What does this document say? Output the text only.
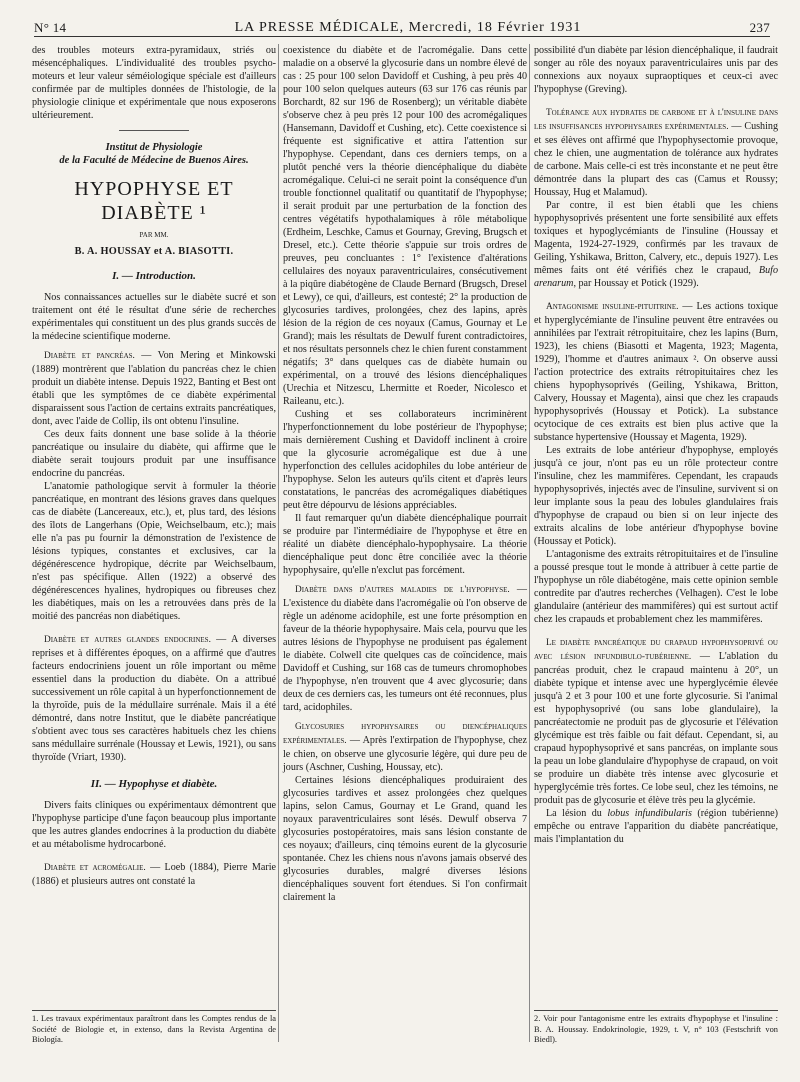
N° 14	LA PRESSE MÉDICALE, Mercredi, 18 Février 1931	237

des troubles moteurs extra-pyramidaux, striés ou mésencéphaliques. L'individualité des troubles psycho-moteurs et leur valeur séméiologique spéciale est d'ailleurs confirmée par de multiples données de l'histologie, de la physiologie clinique et expérimentale que nous exposerons ultérieurement.

Institut de Physiologie
de la Faculté de Médecine de Buenos Aires.
HYPOPHYSE ET DIABÈTE ¹
PAR MM.
B. A. HOUSSAY et A. BIASOTTI.
I. — Introduction.

Nos connaissances actuelles sur le diabète sucré et son traitement ont été le résultat d'une série de recherches expérimentales qui constituent un des plus grands succès de la médecine scientifique moderne.

Diabète et pancréas. — Von Mering et Minkowski (1889) montrèrent que l'ablation du pancréas chez le chien produit un diabète intense. Depuis 1922, Banting et Best ont établi que les symptômes de ce diabète expérimental disparaissent sous l'action de certains extraits pancréatiques, dont, avec l'aide de Collip, ils ont obtenu l'insuline.

Ces deux faits donnent une base solide à la théorie pancréatique ou insulaire du diabète, qui affirme que le diabète serait toujours produit par une insuffisance endocrine du pancréas.

L'anatomie pathologique servit à formuler la théorie pancréatique, en montrant des lésions graves dans quelques cas de diabète (Lancereaux, etc.), et, plus tard, des lésions des îlots de Langerhans (Opie, Weichselbaum, etc.); mais elle n'a pas pu fournir la démonstration de l'existence de lésions typiques, constantes et exclusives, car la dégénérescence hydropique, décrite par Weichselbaum, n'est pas spécifique. Allen (1922) a observé des dégénérescences hyalines, hydropiques ou fibreuses chez les diabétiques, mais on les a retrouvées dans près de la moitié des pancréas non diabétiques.

Diabète et autres glandes endocrines. — A diverses reprises et à différentes époques, on a affirmé que d'autres facteurs endocriniens jouent un rôle important ou même essentiel dans la production du diabète. On a attribué successivement un rôle capital à un hyperfonctionnement de la thyroïde, puis de la médullaire surrénale. Mais il a été démontré, dans notre Institut, que le diabète pancréatique s'obtient avec tous ses caractères habituels chez les chiens sans médullaire surrénale (Houssay et Lewis, 1921), ou sans thyroïde (Vriart, 1930).

II. — Hypophyse et diabète.

Divers faits cliniques ou expérimentaux démontrent que l'hypophyse participe d'une façon beaucoup plus importante que les autres glandes endocrines à la production du diabète et au métabolisme hydrocarboné.

Diabète et acromégalie. — Loeb (1884), Pierre Marie (1886) et plusieurs autres ont constaté la

1. Les travaux expérimentaux paraîtront dans les Comptes rendus de la Société de Biologie et, in extenso, dans la Revista Argentina de Biología.

coexistence du diabète et de l'acromégalie. Dans cette maladie on a observé la glycosurie dans un nombre élevé de cas : 25 pour 100 selon Davidoff et Cushing, à peu près 40 pour 100 selon quelques auteurs (63 sur 176 cas réunis par Borchardt, 82 sur 196 de Rosenberg); un véritable diabète s'observe chez à peu près 12 pour 100 des acromégaliques (Hansemann, Davidoff et Cushing, etc). Cette coexistence si fréquente est significative et attira l'attention sur l'hypophyse. Cependant, dans ces derniers temps, on a plutôt penché vers la théorie diencéphalique du diabète acromégalique. Celui-ci ne serait point la conséquence d'un trouble fonctionnel qualitatif ou quantitatif de l'hypophyse; il serait produit par une perturbation de la fonction des centres végétatifs hypothalamiques à rôle métabolique (Erdheim, Leschke, Camus et Gournay, Greving, Brugsch et Dresel, etc.). Cette théorie s'appuie sur trois ordres de preuves, peu concluantes : 1° l'existence d'altérations cellulaires des noyaux paraventriculaires, consécutivement à la piqûre diabétogène de Claude Bernard (Brugsch, Dresel et Lewy), ce qui, d'ailleurs, est contesté; 2° la production de glycosuries tardives, prolongées, chez des lapins, après lésion de la région de ces noyaux (Camus, Gournay et Le Grand); mais les résultats de Dewulf furent contradictoires, et nos résultats personnels chez le chien furent constamment négatifs; 3° dans quelques cas de diabète humain ou expérimental, on a trouvé des lésions diencéphaliques (Urechia et Nitzescu, Lhermitte et Roeder, Nicolesco et Raileanu, etc.).

Cushing et ses collaborateurs incriminèrent l'hyperfonctionnement du lobe postérieur de l'hypophyse; mais dernièrement Cushing et Davidoff inclinent à croire que la glycosurie acromégalique est due à une hyperfonction des cellules acidophiles du lobe antérieur de l'hypophyse. Selon les auteurs qu'ils citent et d'après leurs constatations, le pancréas des acromégaliques diabétiques peut être dépourvu de lésions appréciables.

Il faut remarquer qu'un diabète diencéphalique pourrait se produire par l'intermédiaire de l'hypophyse et être en réalité un diabète diencéphalo-hypophysaire. La théorie diencéphalique peut donc être conciliée avec la théorie hypophysaire, qu'elle n'exclut pas forcément.

Diabète dans d'autres maladies de l'hypophyse. — L'existence du diabète dans l'acromégalie où l'on observe de règle un adénome acidophile, est une forte présomption en faveur de la théorie hypophysaire. Mais cela, pourvu que les autres lésions de l'hypophyse ne produisent pas également le diabète. Colwell cite quelques cas de coïncidence, mais Davidoff et Cushing, sur 168 cas de tumeurs chromophobes de l'hypophyse, n'en trouvent que 4 avec glycosurie; dans deux de ces derniers cas, les tumeurs ont été reconnues, plus tard, acidophiles.

Glycosuries hypophysaires ou diencéphaliques expérimentales. — Après l'extirpation de l'hypophyse, chez le chien, on observe une glycosurie légère, qui dure peu de jours (Aschner, Cushing, Houssay, etc).

Certaines lésions diencéphaliques produiraient des glycosuries tardives et assez prolongées chez quelques lapins, selon Camus, Gournay et Le Grand, quand les noyaux paraventriculaires sont lésés. Dewulf observa 7 glycosuries postopératoires, mais sans lésion constante de ces noyaux; d'ailleurs, cinq témoins eurent de la glycosurie spontanée. Chez les chiens nous n'avons jamais observé des glycosuries durables, malgré diverses lésions diencéphaliques souvent fort étendues. Si l'on confirmait clairement la

possibilité d'un diabète par lésion diencéphalique, il faudrait songer au rôle des noyaux paraventriculaires unis par des connexions aux noyaux supraoptiques et ceux-ci avec l'hypophyse (Greving).

Tolérance aux hydrates de carbone et à l'insuline dans les insuffisances hypophysaires expérimentales. — Cushing et ses élèves ont affirmé que l'hypophysectomie provoque, chez le chien, une augmentation de tolérance aux hydrates de carbone. Mais celle-ci est très inconstante et ne peut être démontrée dans la plupart des cas (Camus et Roussy; Houssay, Hug et Malamud).

Par contre, il est bien établi que les chiens hypophysoprivés présentent une forte sensibilité aux effets toxiques et hypoglycémiants de l'insuline (Houssay et Magenta, 1924-27-1929, confirmés par les travaux de Geiling, Yshikawa, Britton, Calvery, etc., depuis 1927). Les mêmes faits ont été vérifiés chez le crapaud, Bufo arenarum, par Houssay et Potick (1929).

Antagonisme insuline-pituitrine. — Les actions toxique et hyperglycémiante de l'insuline peuvent être entravées ou annihilées par l'extrait rétropituitaire, chez les lapins (Burn, 1923), les chiens (Biasotti et Magenta, 1923; Magenta, 1929), l'homme et d'autres animaux ². On observe aussi l'action protectrice des extraits rétropituitaires chez les chiens hypophysoprivés (Geiling, Yshikawa, Britton, Calvery, Houssay et Magenta), ainsi que chez les crapauds hypophysoprivés (Houssay et Potick). La substance ocytocique de ces extraits est bien plus active que la substance hypertensive (Houssay et Magenta, 1929).

Les extraits de lobe antérieur d'hypophyse, employés jusqu'à ce jour, n'ont pas eu un rôle protecteur contre l'insuline, chez les mammifères. Cependant, les crapauds hypophysoprivés, injectés avec de l'insuline, survivent si on leur implante sous la peau des lobules glandulaires frais d'hypophyse de crapaud ou bien si on leur injecte des extraits alcalins de lobe antérieur d'hypophyse bovine (Houssay et Potick).

L'antagonisme des extraits rétropituitaires et de l'insuline a poussé presque tout le monde à attribuer à cette partie de l'hypophyse un rôle diabétogène, mais cette opinion semble contredite par d'autres recherches (Velhagen). C'est le lobe glandulaire (antérieur des mammifères) qui est surtout actif chez les crapauds et probablement chez les mammifères.

Le diabète pancréatique du crapaud hypophysoprivé ou avec lésion infundibulo-tubérienne. — L'ablation du pancréas produit, chez le crapaud maintenu à 20°, un diabète typique et intense avec une hyperglycémie élevée jusqu'à 2 et 3 pour 100 et une forte glycosurie. Si l'animal est hypophysoprivé (ou sans lobe glandulaire), la pancréatectomie ne produit pas de glycosurie et l'élévation glycémique est très faible ou fait défaut. Cependant, si, au crapaud hypophysoprivé et sans pancréas, on implante sous la peau un lobe glandulaire d'hypophyse de crapaud, on voit se produire un diabète très intense avec glycosurie et hyperglycémie très fortes. Ce lobe seul, chez les témoins, ne produit pas de glycosurie et élève très peu la glycémie.

La lésion du lobus infundibularis (région tubérienne) empêche ou entrave l'apparition du diabète pancréatique, mais l'implantation du

2. Voir pour l'antagonisme entre les extraits d'hypophyse et l'insuline : B. A. Houssay. Endokrinologie, 1929, t. V, n° 103 (Festschrift von Biedl).
